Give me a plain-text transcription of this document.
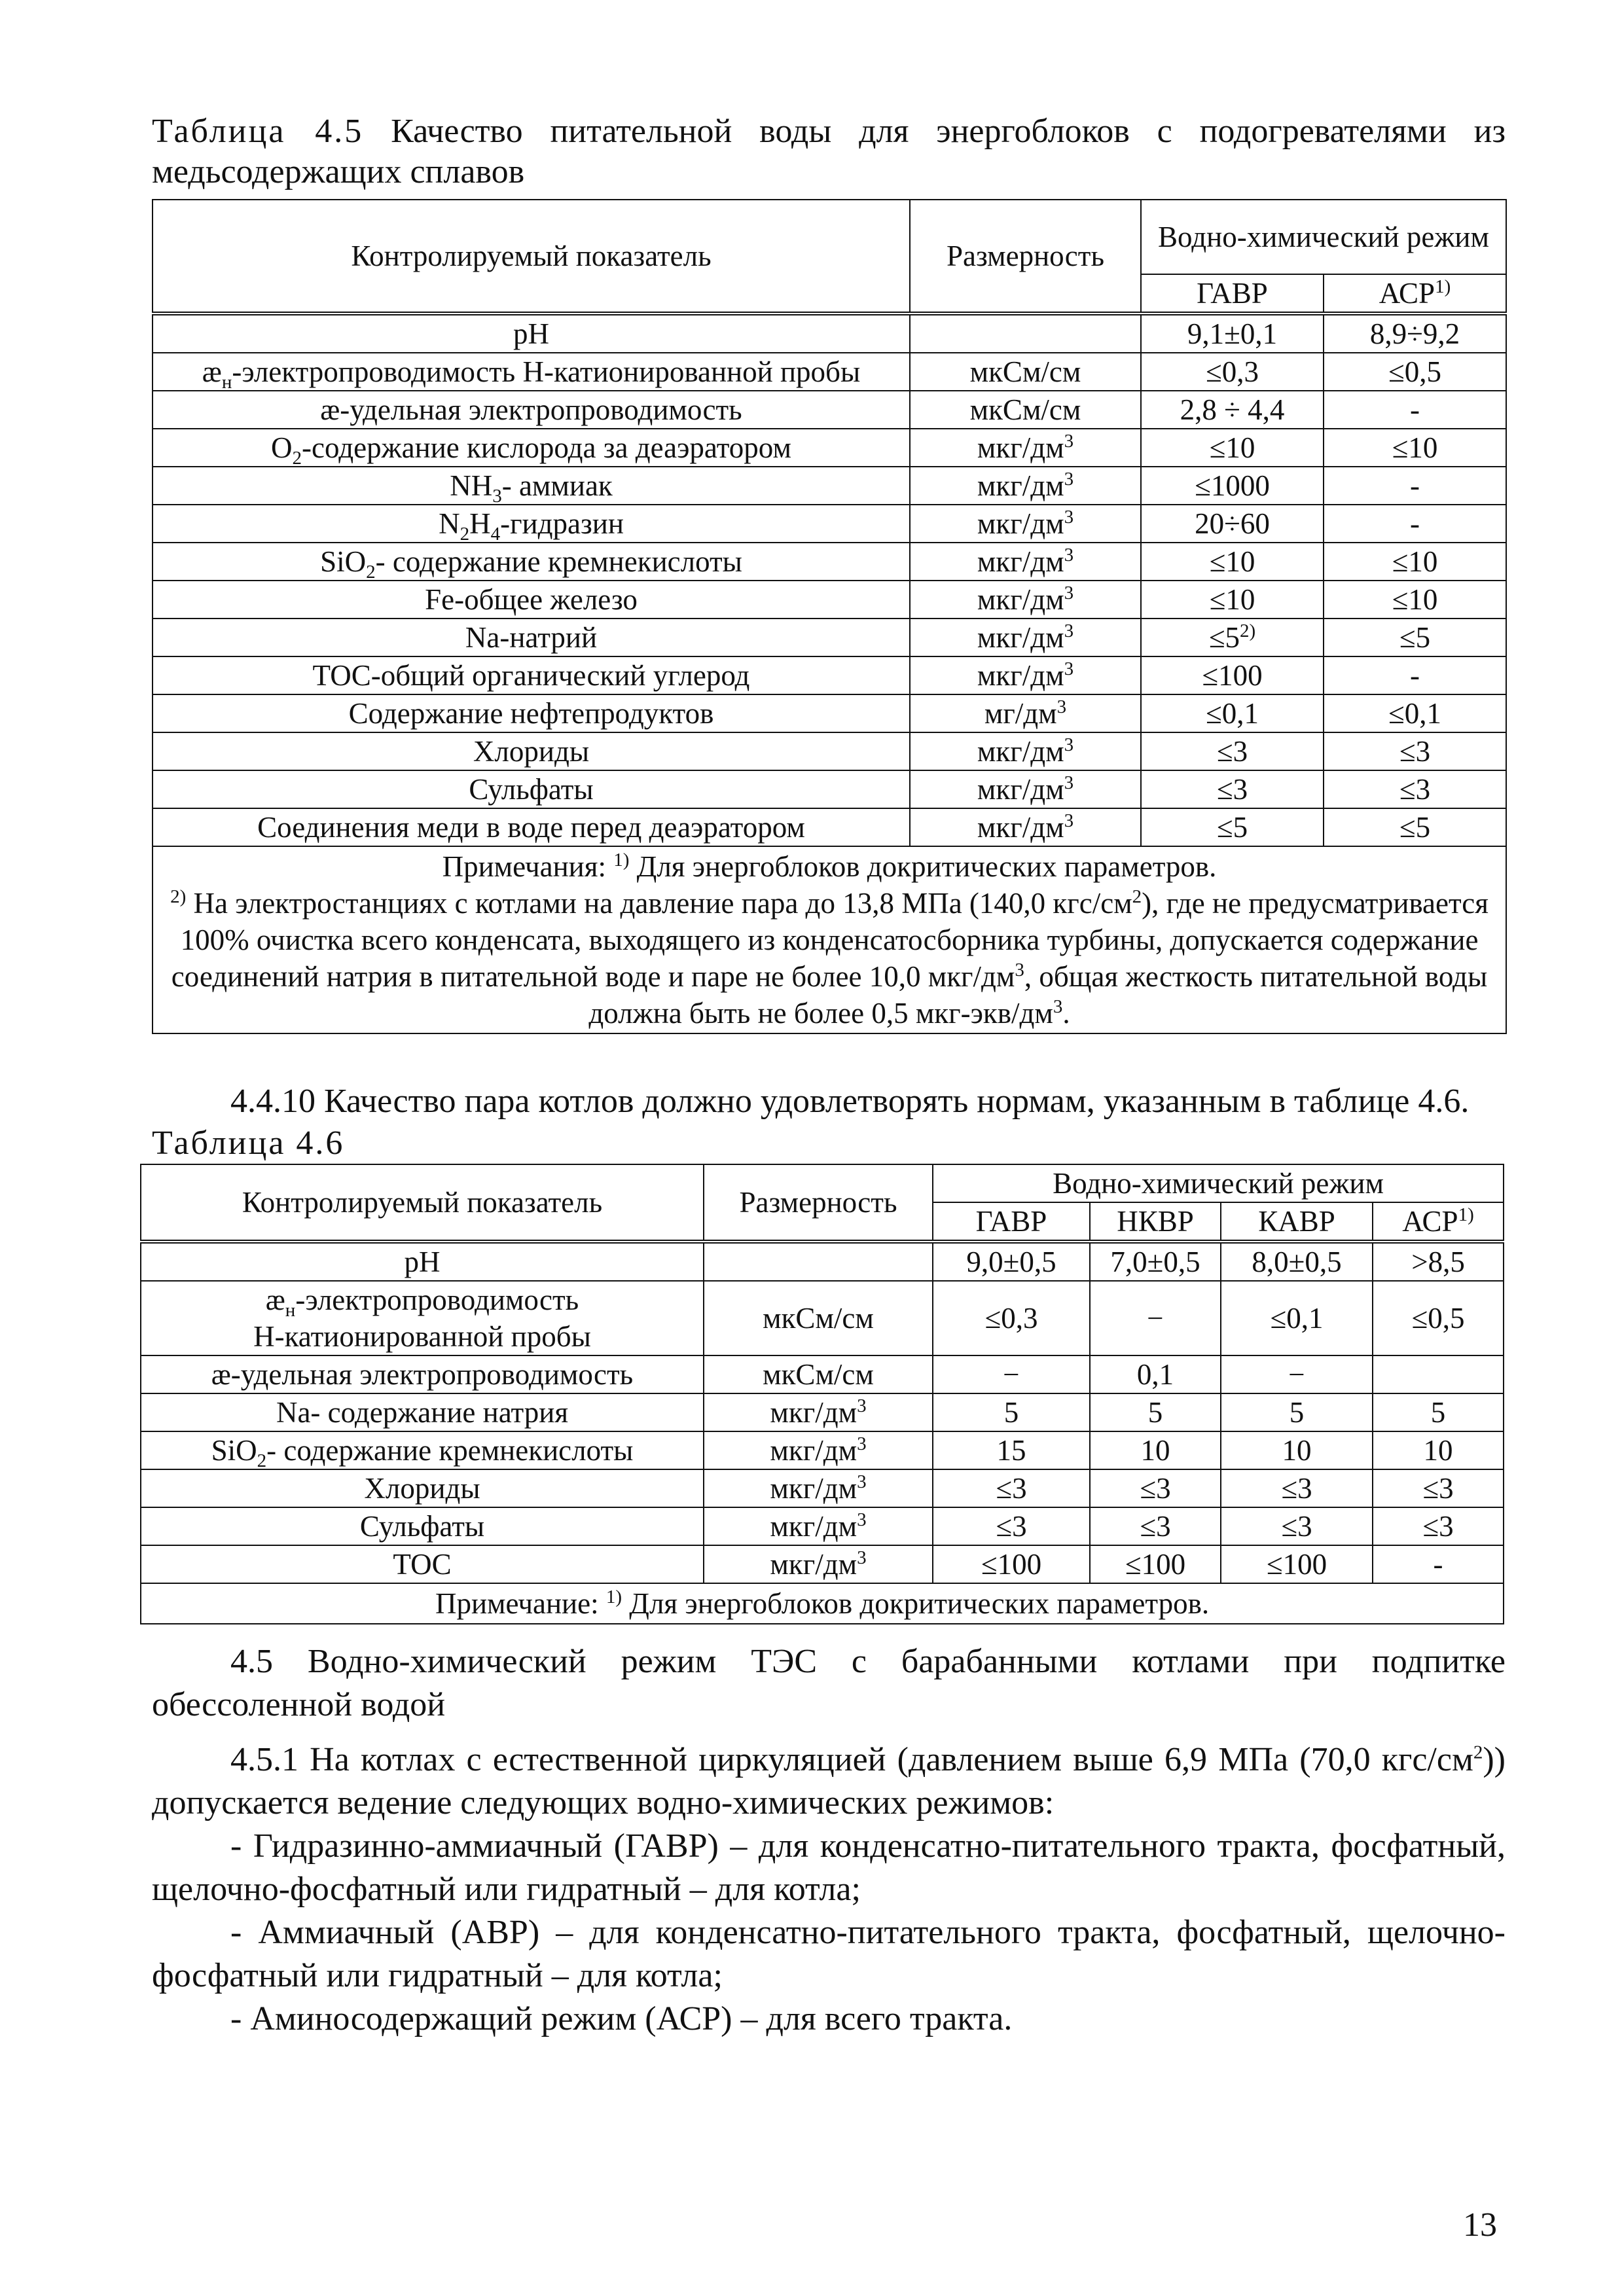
Таблица 4.5 Качество питательной воды для энергоблоков с подогревателями из медьсодержащих сплавов

Контролируемый показатель	Размерность	Водно-химический режим	
		ГАВР	АСР$^{1)}$

pH		9,1±0,1	8,9÷9,2

$æ_н$-электропроводимость Н-катионированной пробы	мкСм/см	≤0,3	≤0,5

æ-удельная электропроводимость	мкСм/см	2,8 ÷ 4,4	-

$O_2$-содержание кислорода за деаэратором	мкг/$дм^3$	≤10	≤10

$NH_3-$ аммиак	мкг/$дм^3$	≤1000	-

$N_2H_4$-гидразин	мкг/$дм^3$	20÷60	-

SiO$_2$- содержание кремнекислоты	мкг/$дм^3$	≤10	≤10

Fe-общее железо	мкг/$дм^3$	≤10	≤10

Na-натрий	мкг/$дм^3$	$\le 5^{2)}$	≤5

TOC-общий органический углерод	мкг/$дм^3$	≤100	-

Содержание нефтепродуктов	$мг/дм^3$	≤0,1	≤0,1

Хлориды	мкг/$дм^3$	≤3	≤3

Сульфаты	мкг/$дм^3$	≤3	≤3

Соединения меди в воде перед деаэратором	мкг/$дм^3$	≤5	≤5

Примечания: $^{1)}$ Для энергоблоков докритических параметров.
$^{2)}$ На электростанциях с котлами на давление пара до 13,8 МПа (140,0 кгс/$см^2$), где не предусматривается 100% очистка всего конденсата, выходящего из конденсатосборника турбины, допускается содержание соединений натрия в питательной воде и паре не более 10,0 мкг/$дм^3$, общая жесткость питательной воды должна быть не более 0,5 мкг-$экв/дм^3$.			

4.4.10 Качество пара котлов должно удовлетворять нормам, указанным в таблице 4.6.

Таблица 4.6

Контролируемый показатель	Размерность	Водно-химический режим			
		ГАВР	НКВР	КАВР	АСР$^{1)}$

pH		9,0±0,5	7,0±0,5	8,0±0,5	>8,5

$æ_н$-электропроводимость
Н-катионированной пробы	мкСм/см	≤0,3	−	≤0,1	≤0,5

æ-удельная электропроводимость	мкСм/см	−	0,1	−	

Na- содержание натрия	мкг/$дм^3$	5	5	5	5

SiO$_2$- содержание кремнекислоты	мкг/$дм^3$	15	10	10	10

Хлориды	мкг/$дм^3$	≤3	≤3	≤3	≤3

Сульфаты	мкг/$дм^3$	≤3	≤3	≤3	≤3

TOC	мкг/$дм^3$	≤100	≤100	≤100	-
Примечание: $^{1)}$ Для энергоблоков докритических параметров.					

4.5 Водно-химический режим ТЭС с барабанными котлами при подпитке обессоленной водой

4.5.1 На котлах с естественной циркуляцией (давлением выше 6,9 МПа (70,0 кгс/$см^2$)) допускается ведение следующих водно-химических режимов:

- Гидразинно-аммиачный (ГАВР) – для конденсатно-питательного тракта, фосфатный, щелочно-фосфатный или гидратный – для котла;

- Аммиачный (АВР) – для конденсатно-питательного тракта, фосфатный, щелочно-фосфатный или гидратный – для котла;

- Аминосодержащий режим (АСР) – для всего тракта.

13
